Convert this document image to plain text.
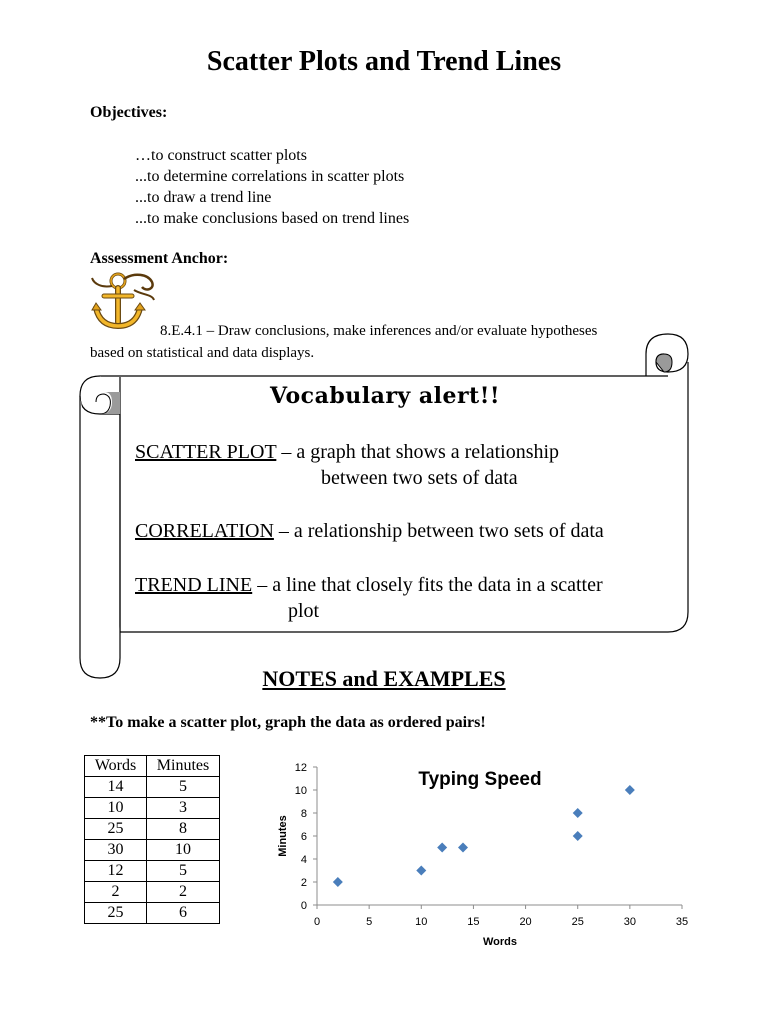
Scatter Plots and Trend Lines
Objectives:
…to construct scatter plots
...to determine correlations in scatter plots
...to draw a trend line
...to make conclusions based on trend lines
Assessment Anchor:
8.E.4.1 – Draw conclusions, make inferences and/or evaluate hypotheses
based on statistical and data displays.
Vocabulary alert!!
SCATTER PLOT – a graph that shows a relationship
between two sets of data
CORRELATION – a relationship between two sets of data
TREND LINE – a line that closely fits the data in a scatter
plot
NOTES and EXAMPLES
**To make a scatter plot, graph the data as ordered pairs!
Words	Minutes
14	5
10	3
25	8
30	10
12	5
2	2
25	6	0
2
4
6
8
10
12
0	5	10	15	20	25	30	35
Typing Speed
Words
Minutes
